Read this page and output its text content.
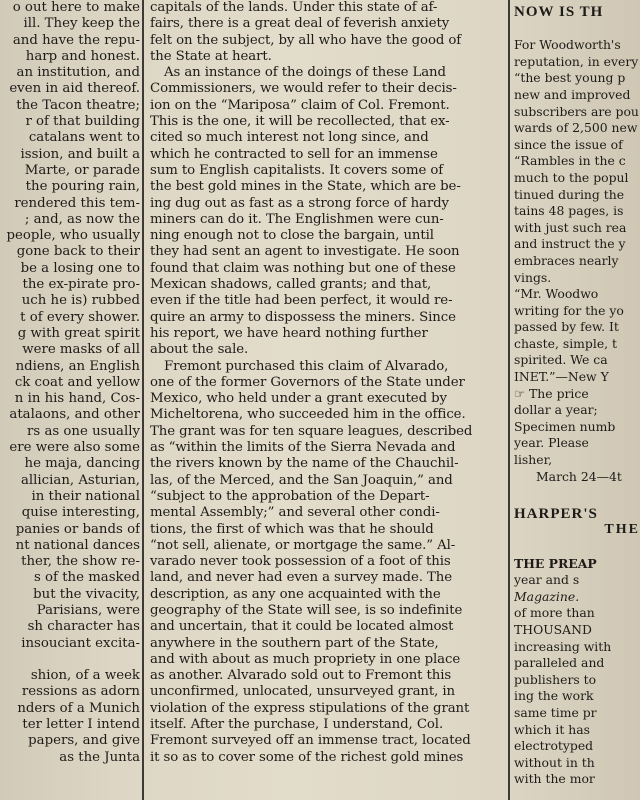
o out here to make
ill. They keep the
and have the repu-
harp and honest.
an institution, and
even in aid thereof.
the Tacon theatre;
r of that building
catalans went to
ission, and built a
Marte, or parade
the pouring rain,
rendered this tem-
; and, as now the
people, who usually
gone back to their
be a losing one to
the ex-pirate pro-
uch he is) rubbed
t of every shower.
g with great spirit
were masks of all
ndiens, an English
ck coat and yellow
n in his hand, Cos-
atalaons, and other
rs as one usually
ere were also some
he maja, dancing
allician, Asturian,
in their national
quise interesting,
panies or bands of
nt national dances
ther, the show re-
s of the masked
but the vivacity,
Parisians, were
sh character has
insouciant excita-

shion, of a week
ressions as adorn
nders of a Munich
ter letter I intend
papers, and give
as the Junta
capitals of the lands. Under this state of af-
fairs, there is a great deal of feverish anxiety
felt on the subject, by all who have the good of
the State at heart.
As an instance of the doings of these Land
Commissioners, we would refer to their decis-
ion on the “Mariposa” claim of Col. Fremont.
This is the one, it will be recollected, that ex-
cited so much interest not long since, and
which he contracted to sell for an immense
sum to English capitalists. It covers some of
the best gold mines in the State, which are be-
ing dug out as fast as a strong force of hardy
miners can do it. The Englishmen were cun-
ning enough not to close the bargain, until
they had sent an agent to investigate. He soon
found that claim was nothing but one of these
Mexican shadows, called grants; and that,
even if the title had been perfect, it would re-
quire an army to dispossess the miners. Since
his report, we have heard nothing further
about the sale.
Fremont purchased this claim of Alvarado,
one of the former Governors of the State under
Mexico, who held under a grant executed by
Micheltorena, who succeeded him in the office.
The grant was for ten square leagues, described
as “within the limits of the Sierra Nevada and
the rivers known by the name of the Chauchil-
las, of the Merced, and the San Joaquin,” and
“subject to the approbation of the Depart-
mental Assembly;” and several other condi-
tions, the first of which was that he should
“not sell, alienate, or mortgage the same.” Al-
varado never took possession of a foot of this
land, and never had even a survey made. The
description, as any one acquainted with the
geography of the State will see, is so indefinite
and uncertain, that it could be located almost
anywhere in the southern part of the State,
and with about as much propriety in one place
as another. Alvarado sold out to Fremont this
unconfirmed, unlocated, unsurveyed grant, in
violation of the express stipulations of the grant
itself. After the purchase, I understand, Col.
Fremont surveyed off an immense tract, located
it so as to cover some of the richest gold mines
NOW IS TH

For Woodworth's
reputation, in every
“the best young p
new and improved
subscribers are pou
wards of 2,500 new
since the issue of
“Rambles in the c
much to the popul
tinued during the
tains 48 pages, is
with just such rea
and instruct the y
embraces nearly
vings.
“Mr. Woodwo
writing for the yo
passed by few. It
chaste, simple, t
spirited. We ca
INET.”—New Y
☞ The price
dollar a year;
Specimen numb
year. Please
lisher,
March 24—4t

HARPER'S
THE

THE PREAP
year and s
Magazine.
of more than
THOUSAND
increasing with
paralleled and
publishers to
ing the work
same time pr
which it has
electrotyped
without in th
with the mor
